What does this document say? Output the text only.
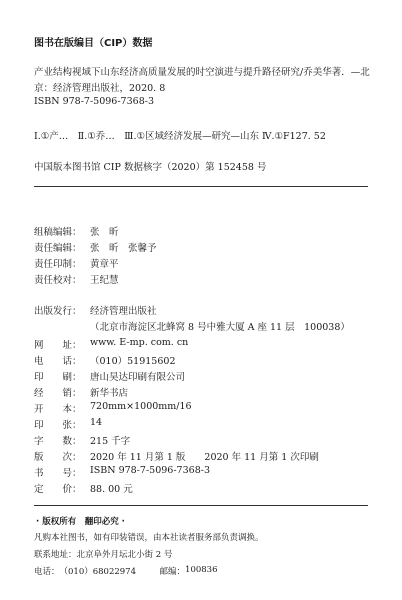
图书在版编目（CIP）数据
产业结构视域下山东经济高质量发展的时空演进与提升路径研究/乔美华著．—北
京：经济管理出版社，2020. 8
ISBN 978-7-5096-7368-3
Ⅰ.①产…　Ⅱ.①乔…　Ⅲ.①区域经济发展—研究—山东 Ⅳ.①F127. 52
中国版本图书馆 CIP 数据核字（2020）第 152458 号
组稿编辑： 张　昕
责任编辑： 张　昕　张馨予
责任印制： 黄章平
责任校对： 王纪慧
出版发行： 经济管理出版社
（北京市海淀区北蜂窝 8 号中雅大厦 A 座 11 层　100038）
网　　址： www. E-mp. com. cn
电　　话： （010）51915602
印　　刷： 唐山昊达印刷有限公司
经　　销： 新华书店
开　　本： 720mm×1000mm/16
印　　张： 14
字　　数： 215 千字
版　　次： 2020 年 11 月第 1 版　　2020 年 11 月第 1 次印刷
书　　号： ISBN 978-7-5096-7368-3
定　　价： 88. 00 元
· 版权所有　翻印必究 ·
凡购本社图书，如有印装错误，由本社读者服务部负责调换。
联系地址： 北京阜外月坛北小街 2 号
电话： （010）68022974	邮编： 100836
